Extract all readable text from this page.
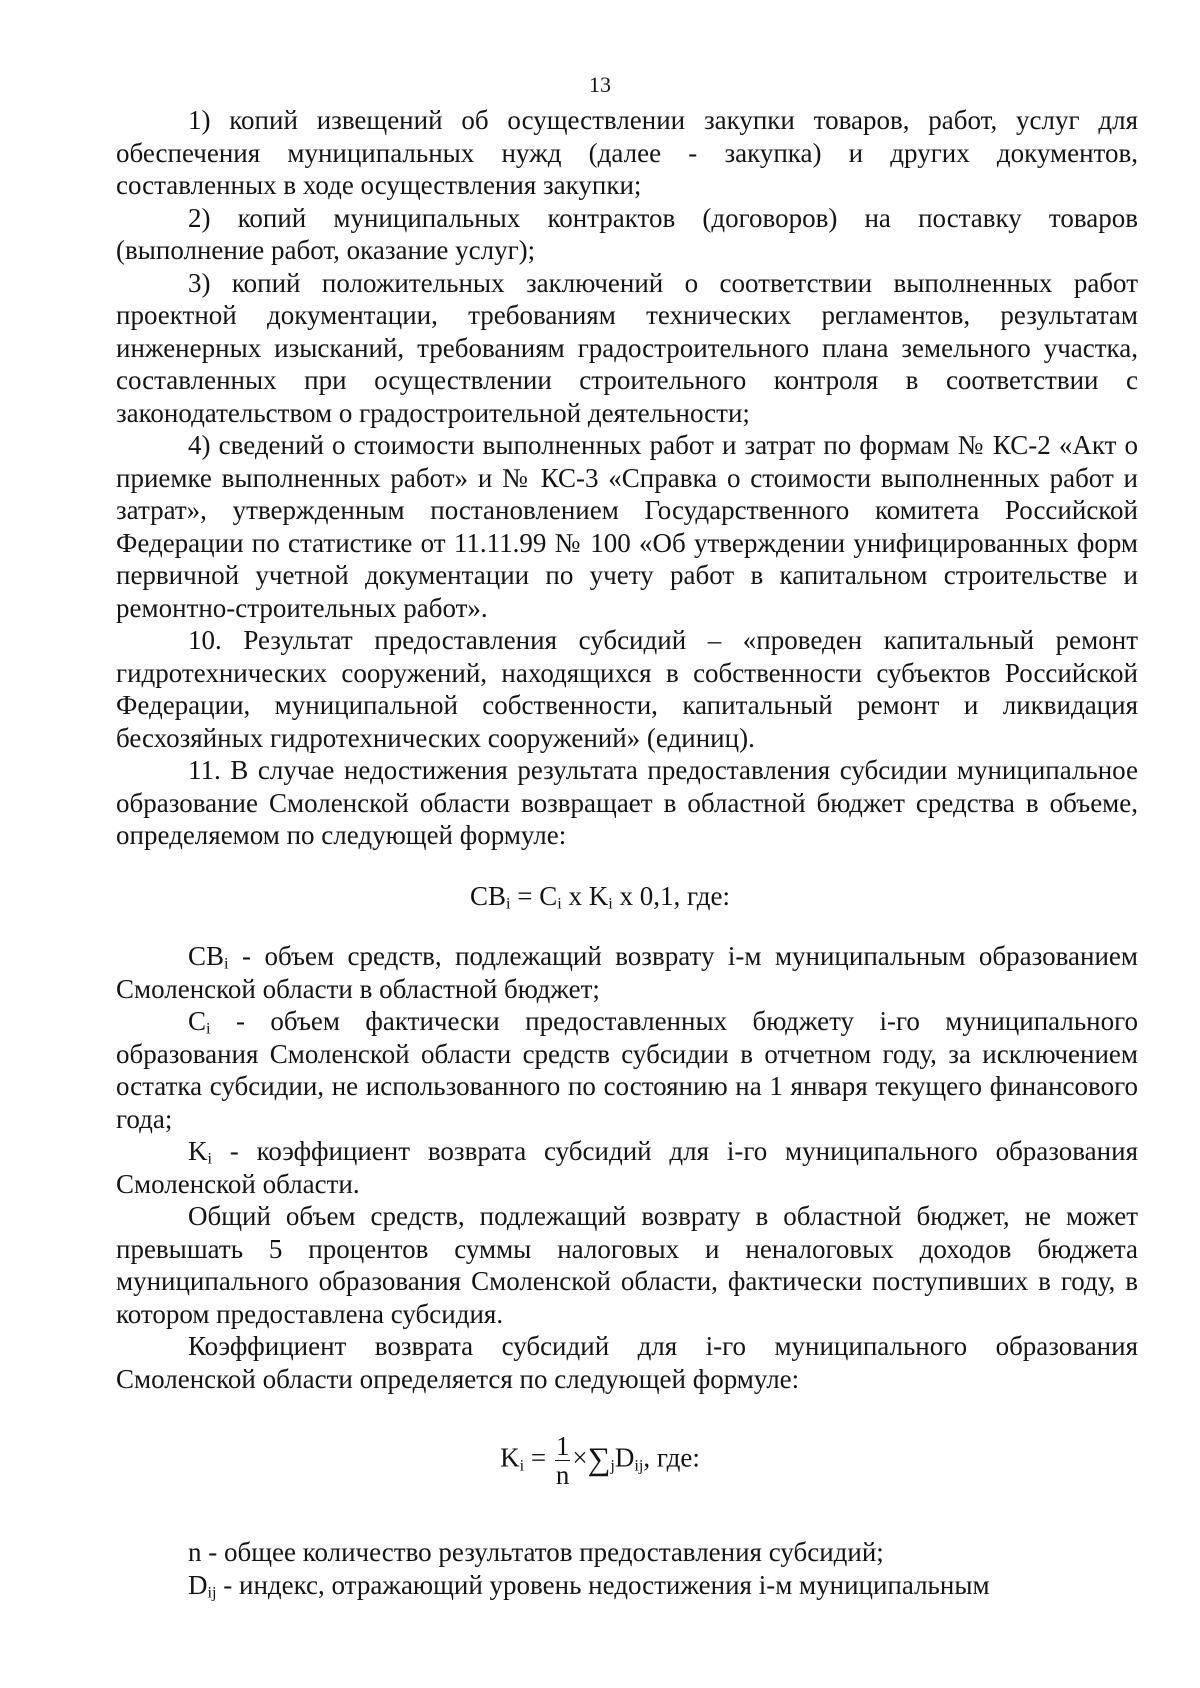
13

1) копий извещений об осуществлении закупки товаров, работ, услуг для обеспечения муниципальных нужд (далее - закупка) и других документов, составленных в ходе осуществления закупки;

2) копий муниципальных контрактов (договоров) на поставку товаров (выполнение работ, оказание услуг);

3) копий положительных заключений о соответствии выполненных работ проектной документации, требованиям технических регламентов, результатам инженерных изысканий, требованиям градостроительного плана земельного участка, составленных при осуществлении строительного контроля в соответствии с законодательством о градостроительной деятельности;

4) сведений о стоимости выполненных работ и затрат по формам № КС-2 «Акт о приемке выполненных работ» и № КС-3 «Справка о стоимости выполненных работ и затрат», утвержденным постановлением Государственного комитета Российской Федерации по статистике от 11.11.99 № 100 «Об утверждении унифицированных форм первичной учетной документации по учету работ в капитальном строительстве и ремонтно-строительных работ».

10. Результат предоставления субсидий – «проведен капитальный ремонт гидротехнических сооружений, находящихся в собственности субъектов Российской Федерации, муниципальной собственности, капитальный ремонт и ликвидация бесхозяйных гидротехнических сооружений» (единиц).

11. В случае недостижения результата предоставления субсидии муниципальное образование Смоленской области возвращает в областной бюджет средства в объеме, определяемом по следующей формуле:

$CB_i = C_i$ x $K_i$ x 0,1, где:

$CB_i$ - объем средств, подлежащий возврату i-м муниципальным образованием Смоленской области в областной бюджет;

$C_i$ - объем фактически предоставленных бюджету i-го муниципального образования Смоленской области средств субсидии в отчетном году, за исключением остатка субсидии, не использованного по состоянию на 1 января текущего финансового года;

$K_i$ - коэффициент возврата субсидий для i-го муниципального образования Смоленской области.

Общий объем средств, подлежащий возврату в областной бюджет, не может превышать 5 процентов суммы налоговых и неналоговых доходов бюджета муниципального образования Смоленской области, фактически поступивших в году, в котором предоставлена субсидия.

Коэффициент возврата субсидий для i-го муниципального образования Смоленской области определяется по следующей формуле:

$K_i = \frac{1}{n} \times\sum_jD_{ij}$, где:

n - общее количество результатов предоставления субсидий;

$D_{ij}$ - индекс, отражающий уровень недостижения i-м муниципальным
